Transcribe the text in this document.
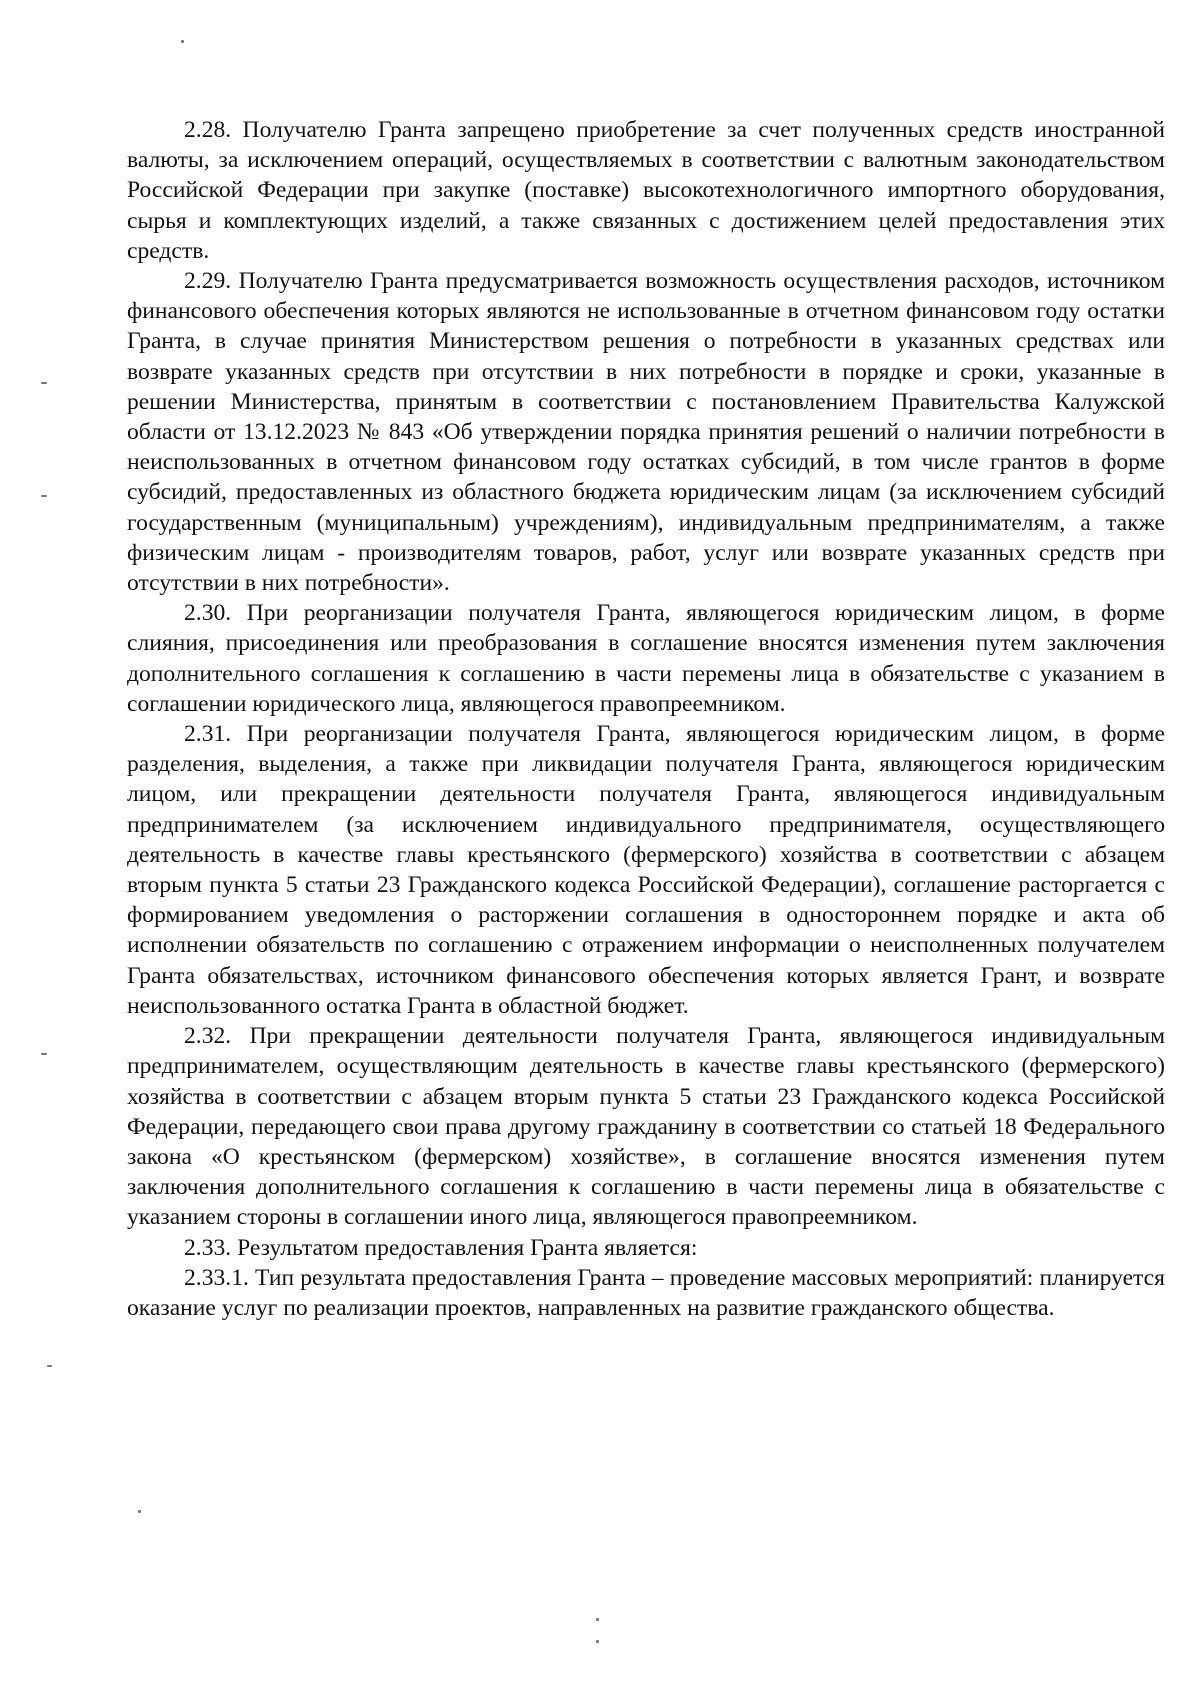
2.28. Получателю Гранта запрещено приобретение за счет полученных средств иностранной валюты, за исключением операций, осуществляемых в соответствии с валютным законодательством Российской Федерации при закупке (поставке) высокотехнологичного импортного оборудования, сырья и комплектующих изделий, а также связанных с достижением целей предоставления этих средств.

2.29. Получателю Гранта предусматривается возможность осуществления расходов, источником финансового обеспечения которых являются не использованные в отчетном финансовом году остатки Гранта, в случае принятия Министерством решения о потребности в указанных средствах или возврате указанных средств при отсутствии в них потребности в порядке и сроки, указанные в решении Министерства, принятым в соответствии с постановлением Правительства Калужской области от 13.12.2023 № 843 «Об утверждении порядка принятия решений о наличии потребности в неиспользованных в отчетном финансовом году остатках субсидий, в том числе грантов в форме субсидий, предоставленных из областного бюджета юридическим лицам (за исключением субсидий государственным (муниципальным) учреждениям), индивидуальным предпринимателям, а также физическим лицам - производителям товаров, работ, услуг или возврате указанных средств при отсутствии в них потребности».

2.30. При реорганизации получателя Гранта, являющегося юридическим лицом, в форме слияния, присоединения или преобразования в соглашение вносятся изменения путем заключения дополнительного соглашения к соглашению в части перемены лица в обязательстве с указанием в соглашении юридического лица, являющегося правопреемником.

2.31. При реорганизации получателя Гранта, являющегося юридическим лицом, в форме разделения, выделения, а также при ликвидации получателя Гранта, являющегося юридическим лицом, или прекращении деятельности получателя Гранта, являющегося индивидуальным предпринимателем (за исключением индивидуального предпринимателя, осуществляющего деятельность в качестве главы крестьянского (фермерского) хозяйства в соответствии с абзацем вторым пункта 5 статьи 23 Гражданского кодекса Российской Федерации), соглашение расторгается с формированием уведомления о расторжении соглашения в одностороннем порядке и акта об исполнении обязательств по соглашению с отражением информации о неисполненных получателем Гранта обязательствах, источником финансового обеспечения которых является Грант, и возврате неиспользованного остатка Гранта в областной бюджет.

2.32. При прекращении деятельности получателя Гранта, являющегося индивидуальным предпринимателем, осуществляющим деятельность в качестве главы крестьянского (фермерского) хозяйства в соответствии с абзацем вторым пункта 5 статьи 23 Гражданского кодекса Российской Федерации, передающего свои права другому гражданину в соответствии со статьей 18 Федерального закона «О крестьянском (фермерском) хозяйстве», в соглашение вносятся изменения путем заключения дополнительного соглашения к соглашению в части перемены лица в обязательстве с указанием стороны в соглашении иного лица, являющегося правопреемником.

2.33. Результатом предоставления Гранта является:

2.33.1. Тип результата предоставления Гранта – проведение массовых мероприятий: планируется оказание услуг по реализации проектов, направленных на развитие гражданского общества.
